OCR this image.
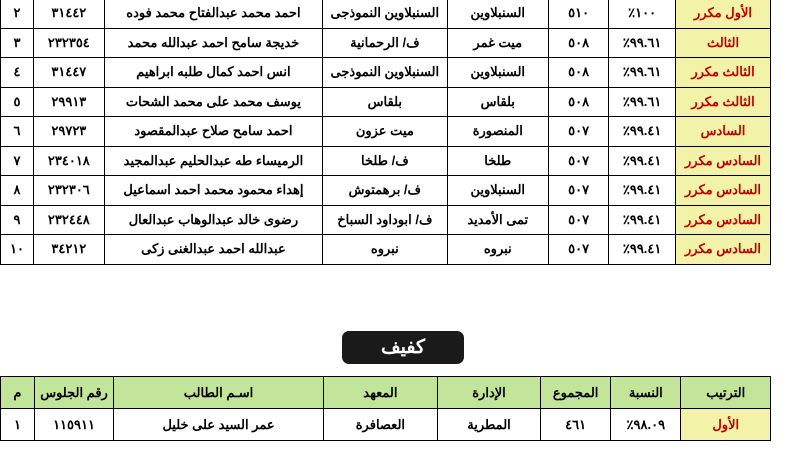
الأول مكرر	١٠٠٪	٥١٠	السنبلاوين	السنبلاوين النموذجى	احمد محمد عبدالفتاح محمد فوده	٣١٤٤٢	٢
الثالث	٩٩.٦١٪	٥٠٨	ميت غمر	ف/ الرحمانية	خديجة سامح احمد عبدالله محمد	٢٣٢٣٥٤	٣
الثالث مكرر	٩٩.٦١٪	٥٠٨	السنبلاوين	السنبلاوين النموذجى	انس احمد كمال طلبه ابراهيم	٣١٤٤٧	٤
الثالث مكرر	٩٩.٦١٪	٥٠٨	بلقاس	بلقاس	يوسف محمد على محمد الشحات	٢٩٩١٣	٥
السادس	٩٩.٤١٪	٥٠٧	المنصورة	ميت عزون	احمد سامح صلاح عبدالمقصود	٢٩٧٢٣	٦
السادس مكرر	٩٩.٤١٪	٥٠٧	طلخا	ف/ طلخا	الرميساء طه عبدالحليم عبدالمجيد	٢٣٤٠١٨	٧
السادس مكرر	٩٩.٤١٪	٥٠٧	السنبلاوين	ف/ برهمتوش	إهداء محمود محمد احمد اسماعيل	٢٣٢٣٠٦	٨
السادس مكرر	٩٩.٤١٪	٥٠٧	تمى الأمديد	ف/ ابوداود السباخ	رضوى خالد عبدالوهاب عبدالعال	٢٣٢٤٤٨	٩
السادس مكرر	٩٩.٤١٪	٥٠٧	نبروه	نبروه	عبدالله احمد عبدالغنى زكى	٣٤٢١٢	١٠
كفيف
الترتيب	النسبة	المجموع	الإدارة	المعهد	اسـم الطالب	رقم الجلوس	م
الأول	٩٨.٠٩٪	٤٦١	المطرية	العصافرة	عمر السيد على خليل	١١٥٩١١	١
